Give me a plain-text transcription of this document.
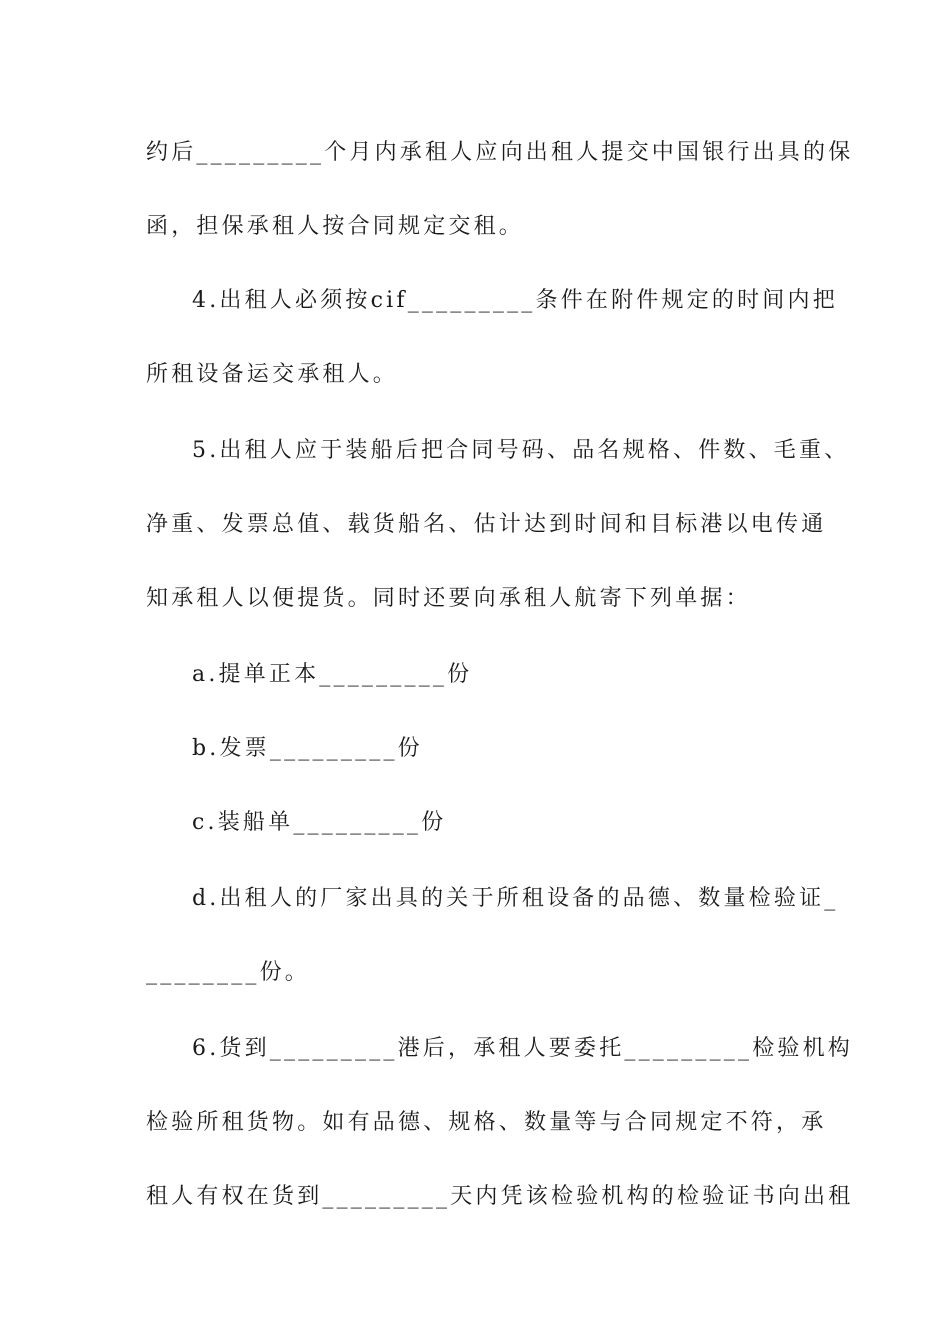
约后_________个月内承租人应向出租人提交中国银行出具的保
函，担保承租人按合同规定交租。
4.出租人必须按cif_________条件在附件规定的时间内把
所租设备运交承租人。
5.出租人应于装船后把合同号码、品名规格、件数、毛重、
净重、发票总值、载货船名、估计达到时间和目标港以电传通
知承租人以便提货。同时还要向承租人航寄下列单据：
a.提单正本_________份
b.发票_________份
c.装船单_________份
d.出租人的厂家出具的关于所租设备的品德、数量检验证_
________份。
6.货到_________港后，承租人要委托_________检验机构
检验所租货物。如有品德、规格、数量等与合同规定不符，承
租人有权在货到_________天内凭该检验机构的检验证书向出租
